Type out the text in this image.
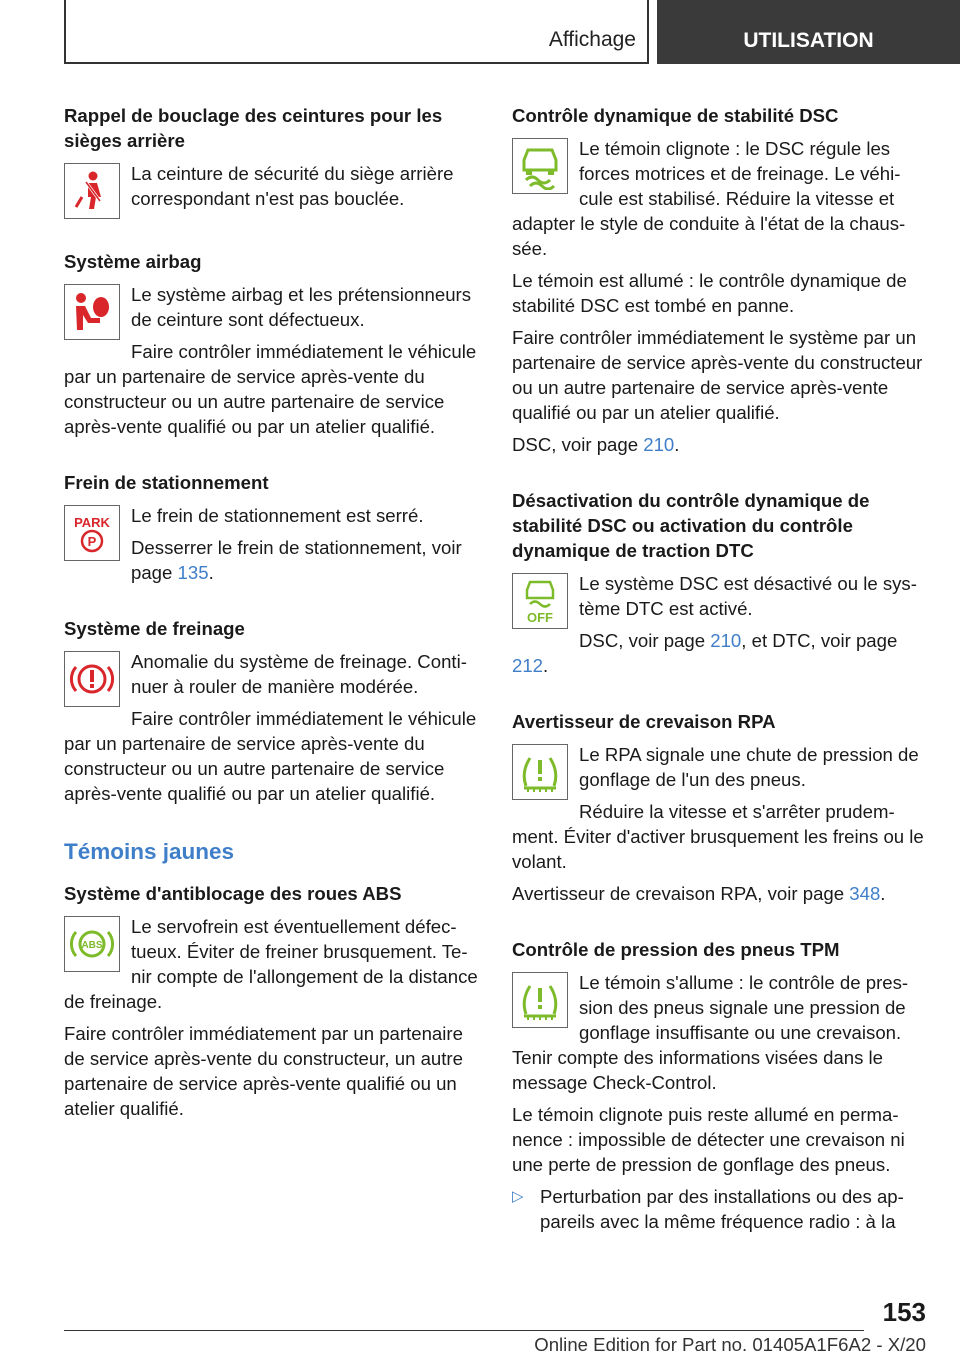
Affichage	UTILISATION
Rappel de bouclage des ceintures pour les sièges arrière

La ceinture de sécurité du siège arrière correspondant n'est pas bouclée.

Système airbag

Le système airbag et les prétensionneurs de ceinture sont défectueux.

Faire contrôler immédiatement le véhicule par un partenaire de service après-vente du constructeur ou un autre partenaire de service après-vente qualifié ou par un atelier qualifié.

Frein de stationnement
PARK
P

Le frein de stationnement est serré.

Desserrer le frein de stationnement, voir page 135.

Système de freinage

Anomalie du système de freinage. Continuer à rouler de manière modérée.

Faire contrôler immédiatement le véhicule par un partenaire de service après-vente du constructeur ou un autre partenaire de service après-vente qualifié ou par un atelier qualifié.

Témoins jaunes
Système d'antiblocage des roues ABS
ABS

Le servofrein est éventuellement défectueux. Éviter de freiner brusquement. Tenir compte de l'allongement de la distance de freinage.

Faire contrôler immédiatement par un partenaire de service après-vente du constructeur, un autre partenaire de service après-vente qualifié ou un atelier qualifié.

Contrôle dynamique de stabilité DSC

Le témoin clignote : le DSC régule les forces motrices et de freinage. Le véhicule est stabilisé. Réduire la vitesse et adapter le style de conduite à l'état de la chaussée.

Le témoin est allumé : le contrôle dynamique de stabilité DSC est tombé en panne.

Faire contrôler immédiatement le système par un partenaire de service après-vente du constructeur ou un autre partenaire de service après-vente qualifié ou par un atelier qualifié.

DSC, voir page 210.

Désactivation du contrôle dynamique de stabilité DSC ou activation du contrôle dynamique de traction DTC
OFF

Le système DSC est désactivé ou le système DTC est activé.

DSC, voir page 210, et DTC, voir page 212.

Avertisseur de crevaison RPA

Le RPA signale une chute de pression de gonflage de l'un des pneus.

Réduire la vitesse et s'arrêter prudemment. Éviter d'activer brusquement les freins ou le volant.

Avertisseur de crevaison RPA, voir page 348.

Contrôle de pression des pneus TPM

Le témoin s'allume : le contrôle de pression des pneus signale une pression de gonflage insuffisante ou une crevaison. Tenir compte des informations visées dans le message Check-Control.

Le témoin clignote puis reste allumé en permanence : impossible de détecter une crevaison ni une perte de pression de gonflage des pneus.

▷ Perturbation par des installations ou des appareils avec la même fréquence radio : à la
153
Online Edition for Part no. 01405A1F6A2 - X/20
